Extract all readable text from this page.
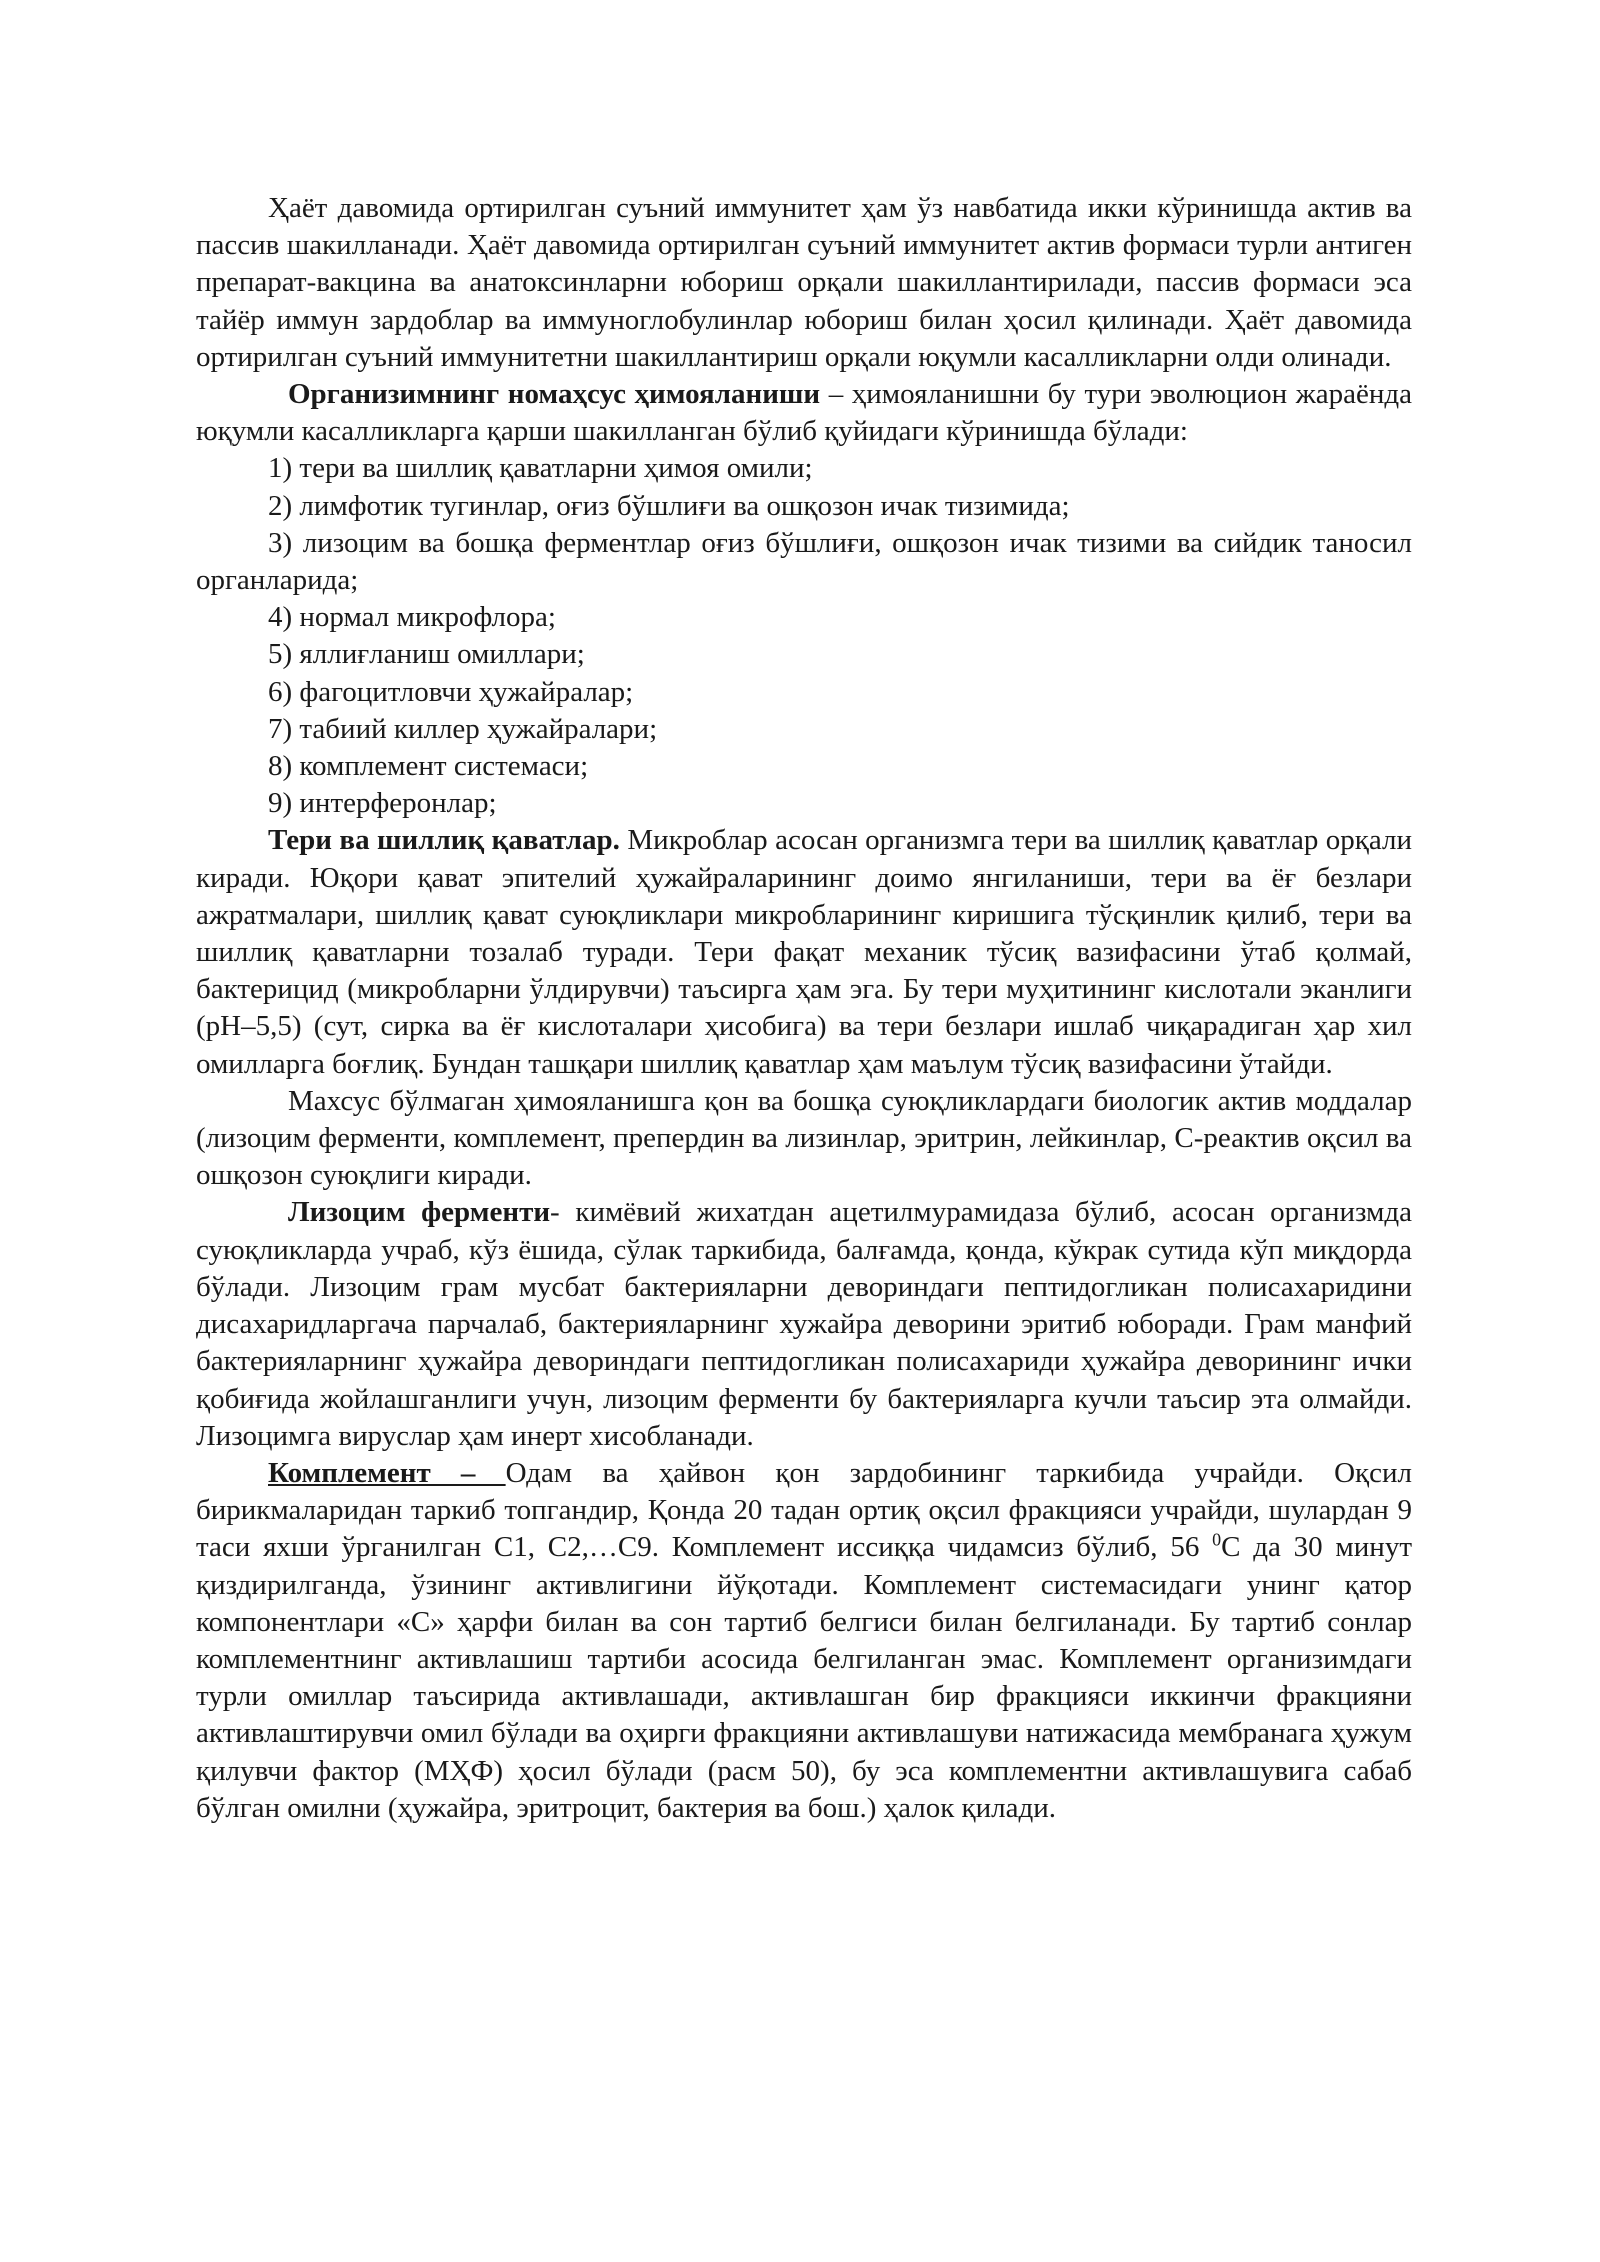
Ҳаёт давомида ортирилган суъний иммунитет ҳам ўз навбатида икки кўринишда актив ва пассив шакилланади. Ҳаёт давомида ортирилган суъний иммунитет актив формаси турли антиген препарат-вакцина ва анатоксинларни юбориш орқали шакиллантирилади, пассив формаси эса тайёр иммун зардоблар ва иммуноглобулинлар юбориш билан ҳосил қилинади. Ҳаёт давомида ортирилган суъний иммунитетни шакиллантириш орқали юқумли касалликларни олди олинади.

Организимнинг номаҳсус ҳимояланиши – ҳимояланишни бу тури эволюцион жараёнда юқумли касалликларга қарши шакилланган бўлиб қуйидаги кўринишда бўлади:

1) тери ва шиллиқ қаватларни ҳимоя омили;

2) лимфотик тугинлар, оғиз бўшлиғи ва ошқозон ичак тизимида;

3) лизоцим ва бошқа ферментлар оғиз бўшлиғи, ошқозон ичак тизими ва сийдик таносил органларида;

4) нормал микрофлора;

5) яллиғланиш омиллари;

6) фагоцитловчи ҳужайралар;

7) табиий киллер ҳужайралари;

8) комплемент системаси;

9) интерферонлар;

Тери ва шиллиқ қаватлар. Микроблар асосан организмга тери ва шиллиқ қаватлар орқали киради. Юқори қават эпителий ҳужайраларининг доимо янгиланиши, тери ва ёғ безлари ажратмалари, шиллиқ қават суюқликлари микробларининг киришига тўсқинлик қилиб, тери ва шиллиқ қаватларни тозалаб туради. Тери фақат механик тўсиқ вазифасини ўтаб қолмай, бактерицид (микробларни ўлдирувчи) таъсирга ҳам эга. Бу тери муҳитининг кислотали эканлиги (рН–5,5) (сут, сирка ва ёғ кислоталари ҳисобига) ва тери безлари ишлаб чиқарадиган ҳар хил омилларга боғлиқ. Бундан ташқари шиллиқ қаватлар ҳам маълум тўсиқ вазифасини ўтайди.

Махсус бўлмаган ҳимояланишга қон ва бошқа суюқликлардаги биологик актив моддалар (лизоцим ферменти, комплемент, препердин ва лизинлар, эритрин, лейкинлар, С-реактив оқсил ва ошқозон суюқлиги киради.

Лизоцим ферменти- кимёвий жихатдан ацетилмурамидаза бўлиб, асосан организмда суюқликларда учраб, кўз ёшида, сўлак таркибида, балғамда, қонда, кўкрак сутида кўп миқдорда бўлади. Лизоцим грам мусбат бактерияларни девориндаги пептидогликан полисахаридини дисахаридларгача парчалаб, бактерияларнинг хужайра деворини эритиб юборади. Грам манфий бактерияларнинг ҳужайра девориндаги пептидогликан полисахариди ҳужайра деворининг ички қобиғида жойлашганлиги учун, лизоцим ферменти бу бактерияларга кучли таъсир эта олмайди. Лизоцимга вируслар ҳам инерт хисобланади.

Комплемент – Одам ва ҳайвон қон зардобининг таркибида учрайди. Оқсил бирикмаларидан таркиб топгандир, Қонда 20 тадан ортиқ оқсил фракцияси учрайди, шулардан 9 таси яхши ўрганилган С1, С2,…С9. Комплемент иссиққа чидамсиз бўлиб, 56 $^0$С да 30 минут қиздирилганда, ўзининг активлигини йўқотади. Комплемент системасидаги унинг қатор компонентлари «С» ҳарфи билан ва сон тартиб белгиси билан белгиланади. Бу тартиб сонлар комплементнинг активлашиш тартиби асосида белгиланган эмас. Комплемент организимдаги турли омиллар таъсирида активлашади, активлашган бир фракцияси иккинчи фракцияни активлаштирувчи омил бўлади ва оҳирги фракцияни активлашуви натижасида мембранага ҳужум қилувчи фактор (МҲФ) ҳосил бўлади (расм 50), бу эса комплементни активлашувига сабаб бўлган омилни (ҳужайра, эритроцит, бактерия ва бош.) ҳалок қилади.
